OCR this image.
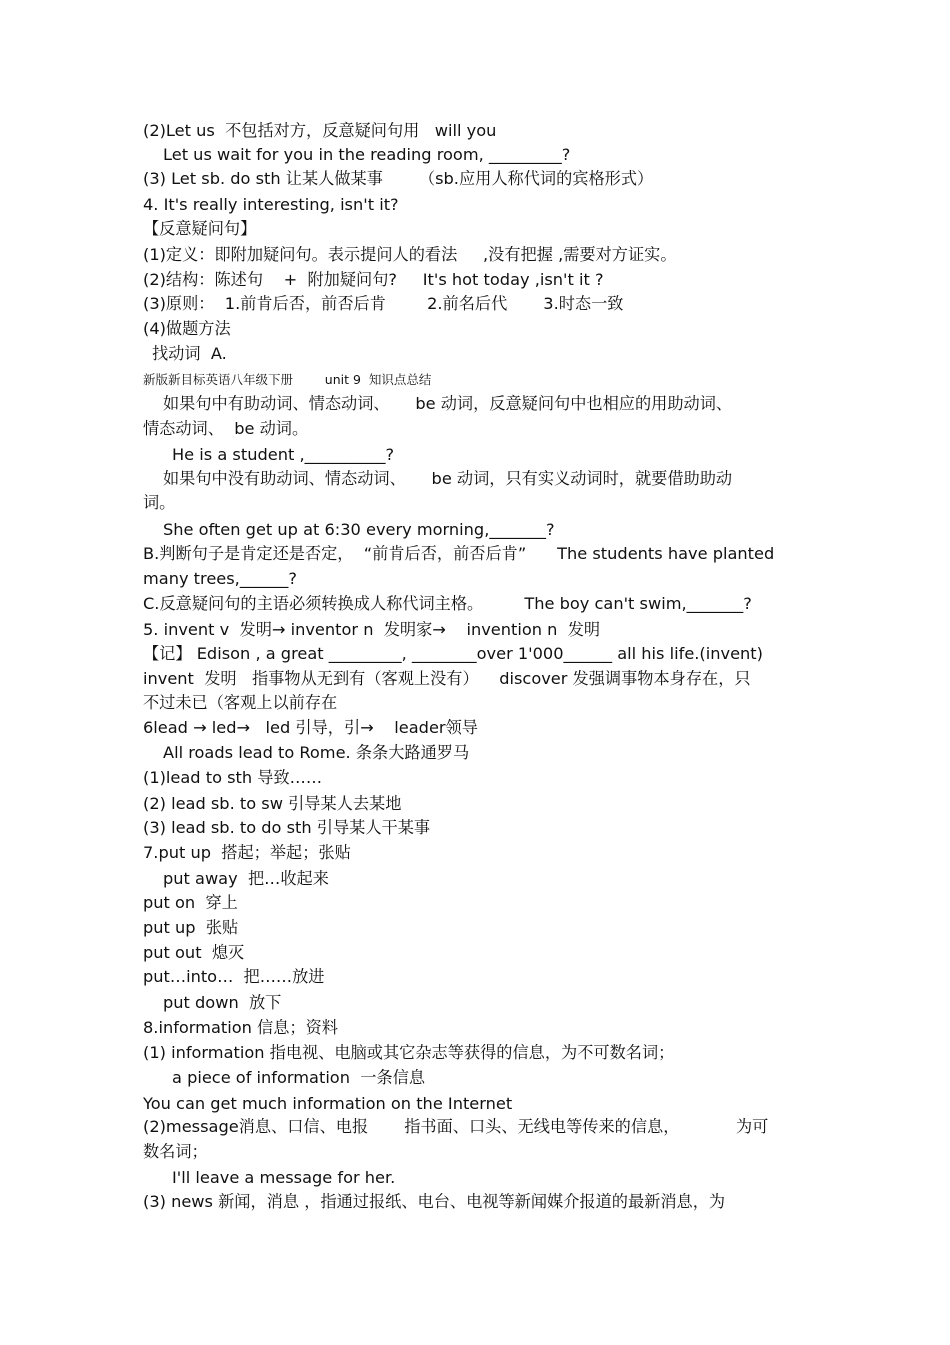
(2)Let us  不包括对方，反意疑问句用   will you
Let us wait for you in the reading room, _________?
(3) Let sb. do sth 让某人做某事       （sb.应用人称代词的宾格形式）
4. It's really interesting, isn't it?
【反意疑问句】
(1)定义：即附加疑问句。表示提问人的看法     ,没有把握 ,需要对方证实。
(2)结构：陈述句    +  附加疑问句?     It's hot today ,isn't it ?
(3)原则：  1.前肯后否，前否后肯        2.前名后代       3.时态一致
(4)做题方法
找动词  A.
新版新目标英语八年级下册        unit 9  知识点总结
如果句中有助动词、情态动词、     be 动词，反意疑问句中也相应的用助动词、
情态动词、  be 动词。
He is a student ,__________?
如果句中没有助动词、情态动词、     be 动词，只有实义动词时，就要借助助动
词。
She often get up at 6:30 every morning,_______?
B.判断句子是肯定还是否定，  “前肯后否，前否后肯”      The students have planted
many trees,______?
C.反意疑问句的主语必须转换成人称代词主格。        The boy can't swim,_______?
5. invent v  发明→ inventor n  发明家→    invention n  发明
【记】 Edison , a great _________, ________over 1'000______ all his life.(invent)
invent  发明   指事物从无到有（客观上没有）    discover 发强调事物本身存在，只
不过未已（客观上以前存在
6lead → led→   led 引导，引→    leader领导
All roads lead to Rome. 条条大路通罗马
(1)lead to sth 导致……
(2) lead sb. to sw 引导某人去某地
(3) lead sb. to do sth 引导某人干某事
7.put up  搭起；举起；张贴
put away  把…收起来
put on  穿上
put up  张贴
put out  熄灭
put…into…  把……放进
put down  放下
8.information 信息；资料
(1) information 指电视、电脑或其它杂志等获得的信息，为不可数名词；
a piece of information  一条信息
You can get much information on the Internet
(2)message消息、口信、电报       指书面、口头、无线电等传来的信息，           为可
数名词；
I'll leave a message for her.
(3) news 新闻，消息 ，指通过报纸、电台、电视等新闻媒介报道的最新消息，为
